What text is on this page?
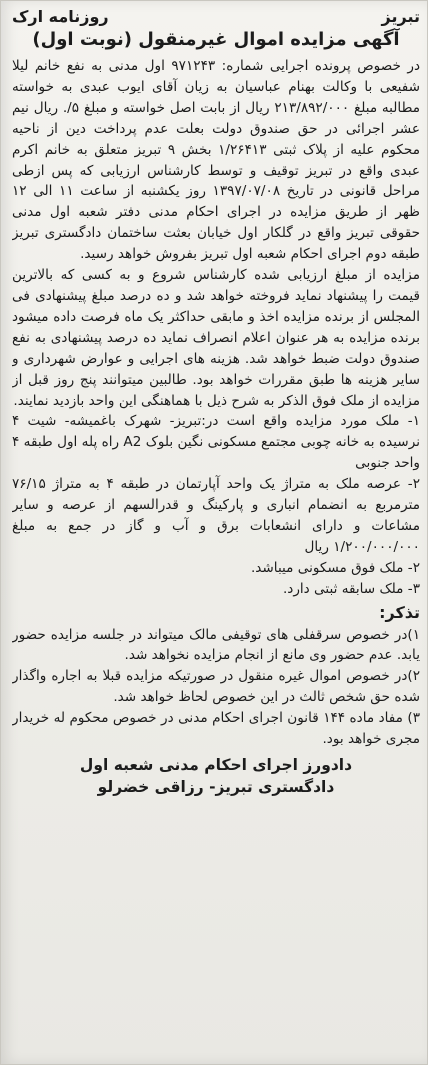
تبریز
روزنامه ارک
آگهی مزایده اموال غیرمنقول (نوبت اول)

در خصوص پرونده اجرایی شماره: ۹۷۱۲۴۳ اول مدنی به نفع خانم لیلا شفیعی با وکالت بهنام عباسیان به زیان آقای ایوب عبدی به خواسته مطالبه مبلغ ۲۱۳/۸۹۲/۰۰۰ ریال از بابت اصل خواسته و مبلغ ۵/. ریال نیم عشر اجرائی در حق صندوق دولت بعلت عدم پرداخت دین از ناحیه محکوم علیه از پلاک ثبتی ۱/۲۶۴۱۳ بخش ۹ تبریز متعلق به خانم اکرم عبدی واقع در تبریز توقیف و توسط کارشناس ارزیابی که پس ازطی مراحل قانونی در تاریخ ۱۳۹۷/۰۷/۰۸ روز یکشنبه از ساعت ۱۱ الی ۱۲ ظهر از طریق مزایده در اجرای احکام مدنی دفتر شعبه اول مدنی حقوقی تبریز واقع در گلکار اول خیابان بعثت ساختمان دادگستری تبریز طبقه دوم اجرای احکام شعبه اول تبریز بفروش خواهد رسید.

مزایده از مبلغ ارزیابی شده کارشناس شروع و به کسی که بالاترین قیمت را پیشنهاد نماید فروخته خواهد شد و ده درصد مبلغ پیشنهادی فی المجلس از برنده مزایده اخذ و مابقی حداکثر یک ماه فرصت داده میشود برنده مزایده به هر عنوان اعلام انصراف نماید ده درصد پیشنهادی به نفع صندوق دولت ضبط خواهد شد. هزینه های اجرایی و عوارض شهرداری و سایر هزینه ها طبق مقررات خواهد بود. طالبین میتوانند پنج روز قبل از مزایده از ملک فوق الذکر به شرح ذیل با هماهنگی این واحد بازدید نمایند.

۱- ملک مورد مزایده واقع است در:تبریز- شهرک باغمیشه- شیت ۴ نرسیده به خانه چوبی مجتمع مسکونی نگین بلوک A2 راه پله اول طبقه ۴ واحد جنوبی

۲- عرصه ملک به متراژ یک واحد آپارتمان در طبقه ۴ به متراژ ۷۶/۱۵ مترمربع به انضمام انباری و پارکینگ و قدرالسهم از عرصه و سایر مشاعات و دارای انشعابات برق و آب و گاز در جمع به مبلغ ۱/۲۰۰/۰۰۰/۰۰۰ ریال

۲- ملک فوق مسکونی میباشد.

۳- ملک سابقه ثبتی دارد.

تذکر:

۱)در خصوص سرقفلی های توقیفی مالک میتواند در جلسه مزایده حضور یابد. عدم حضور وی مانع از انجام مزایده نخواهد شد.

۲)در خصوص اموال غیره منقول در صورتیکه مزایده قبلا به اجاره واگذار شده حق شخص ثالث در این خصوص لحاظ خواهد شد.

۳) مفاد ماده ۱۴۴ قانون اجرای احکام مدنی در خصوص محکوم له خریدار مجری خواهد بود.

دادورز اجرای احکام مدنی شعبه اول
دادگستری تبریز- رزاقی خضرلو
